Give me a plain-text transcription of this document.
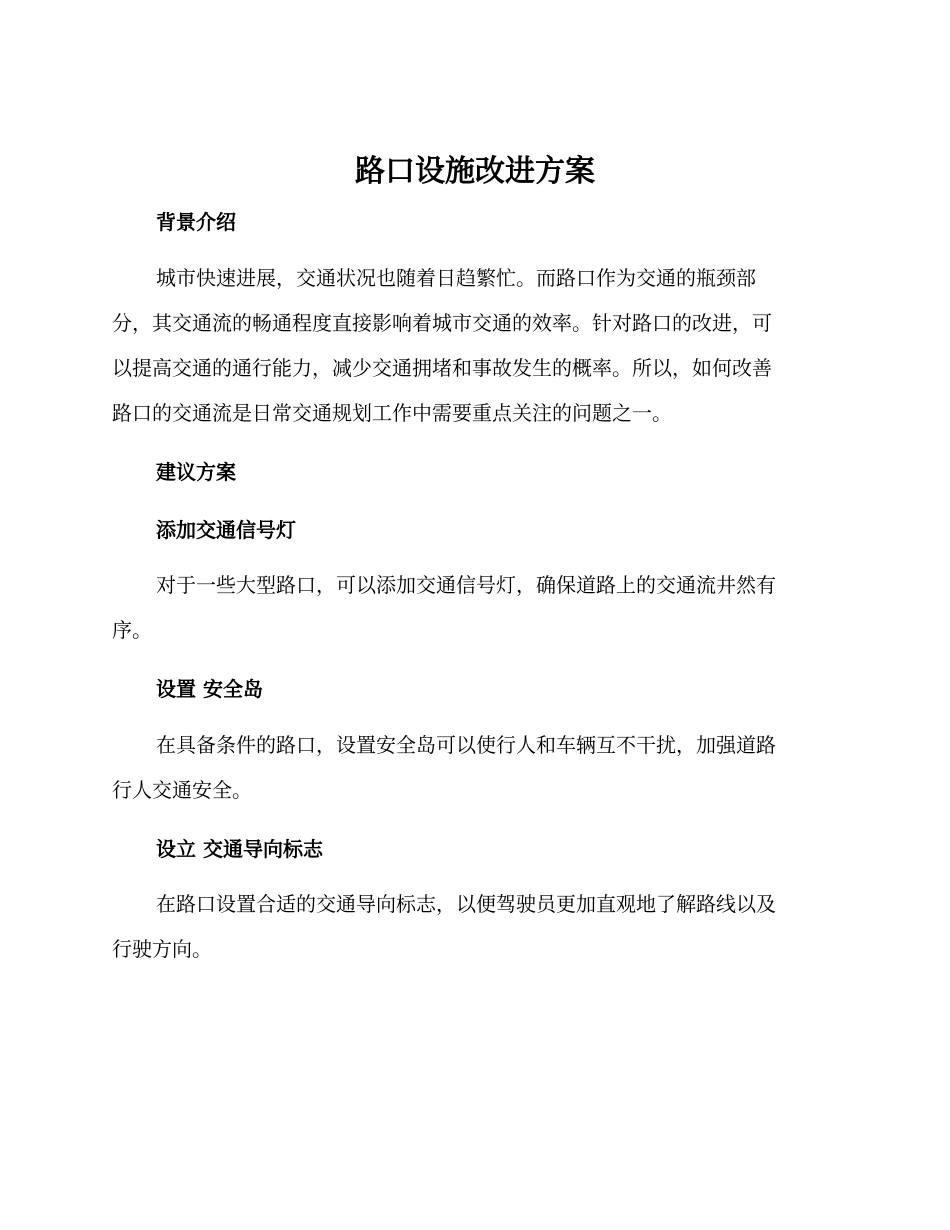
路口设施改进方案
背景介绍
城市快速进展，交通状况也随着日趋繁忙。而路口作为交通的瓶颈部
分，其交通流的畅通程度直接影响着城市交通的效率。针对路口的改进，可
以提高交通的通行能力，减少交通拥堵和事故发生的概率。所以，如何改善
路口的交通流是日常交通规划工作中需要重点关注的问题之一。
建议方案
添加交通信号灯
对于一些大型路口，可以添加交通信号灯，确保道路上的交通流井然有
序。
设置 安全岛
在具备条件的路口，设置安全岛可以使行人和车辆互不干扰，加强道路
行人交通安全。
设立 交通导向标志
在路口设置合适的交通导向标志，以便驾驶员更加直观地了解路线以及
行驶方向。
